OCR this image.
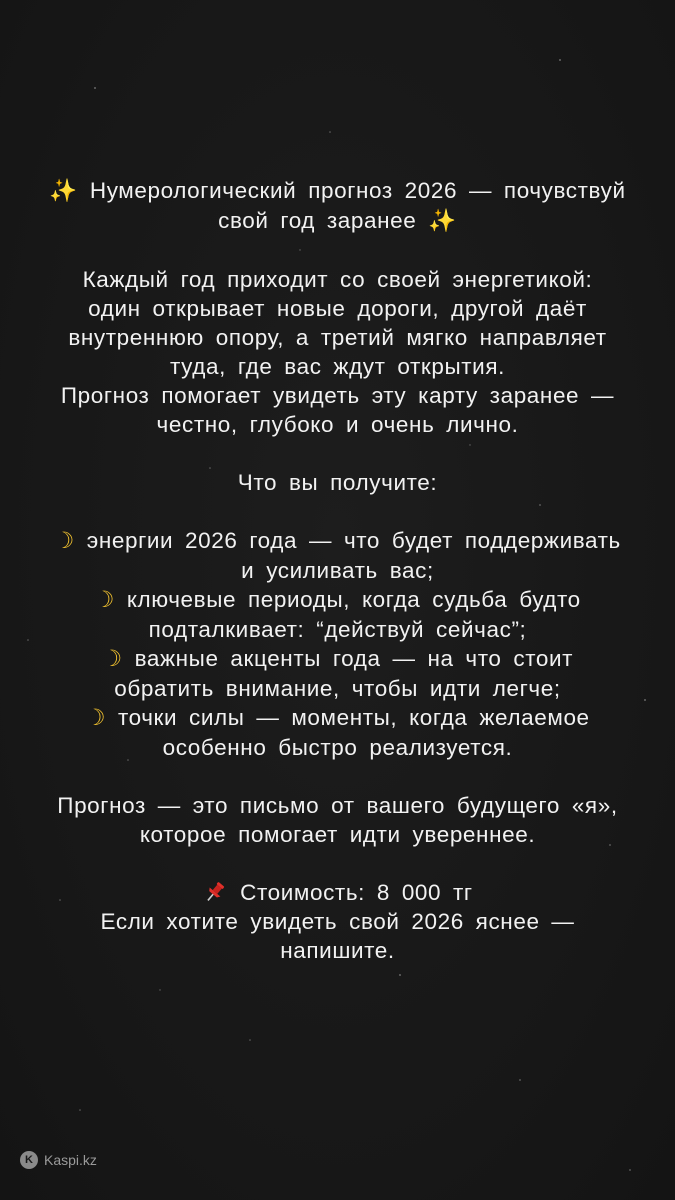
✨ Нумерологический прогноз 2026 — почувствуй
свой год заранее ✨
Каждый год приходит со своей энергетикой:
один открывает новые дороги, другой даёт
внутреннюю опору, а третий мягко направляет
туда, где вас ждут открытия.
Прогноз помогает увидеть эту карту заранее —
честно, глубоко и очень лично.
Что вы получите:
☽ энергии 2026 года — что будет поддерживать
и усиливать вас;
☽ ключевые периоды, когда судьба будто
подталкивает: “действуй сейчас”;
☽ важные акценты года — на что стоит
обратить внимание, чтобы идти легче;
☽ точки силы — моменты, когда желаемое
особенно быстро реализуется.
Прогноз — это письмо от вашего будущего «я»,
которое помогает идти увереннее.
Стоимость: 8 000 тг
Если хотите увидеть свой 2026 яснее —
напишите.
K Kaspi.kz
